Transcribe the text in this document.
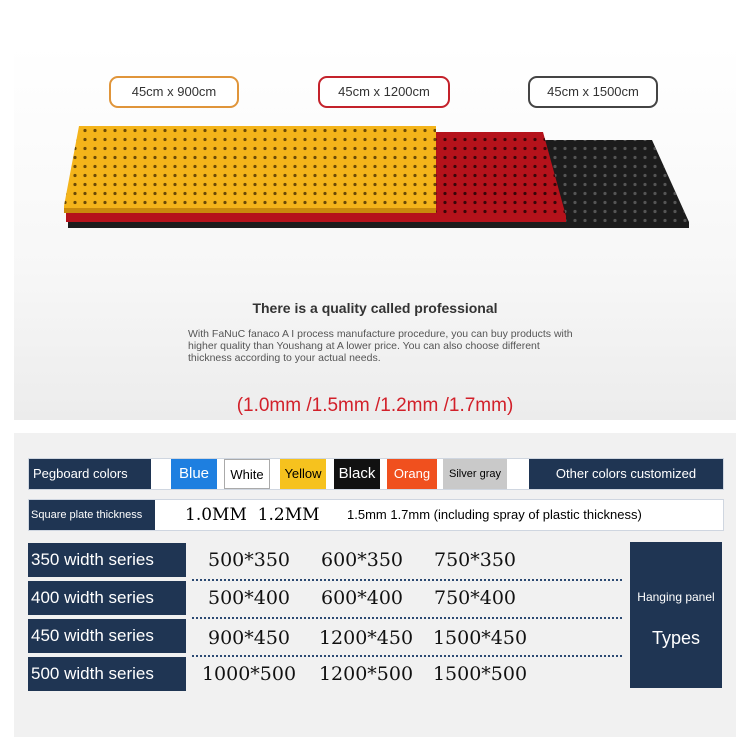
45cm x 900cm	45cm x 1200cm	45cm x 1500cm
There is a quality called professional
With FaNuC fanaco A I process manufacture procedure, you can buy products with higher quality than Youshang at A lower price. You can also choose different thickness according to your actual needs.
(1.0mm /1.5mm /1.2mm /1.7mm)
Pegboard colors	Blue	White	Yellow	Black	Orang	Silver gray	Other colors customized
Square plate thickness	1.0MM  1.2MM	1.5mm 1.7mm (including spray of plastic thickness)
350 width series	500*350	600*350	750*350
400 width series	500*400	600*400	750*400
450 width series	900*450	1200*450	1500*450
500 width series	1000*500	1200*500	1500*500
Hanging panel
Types
